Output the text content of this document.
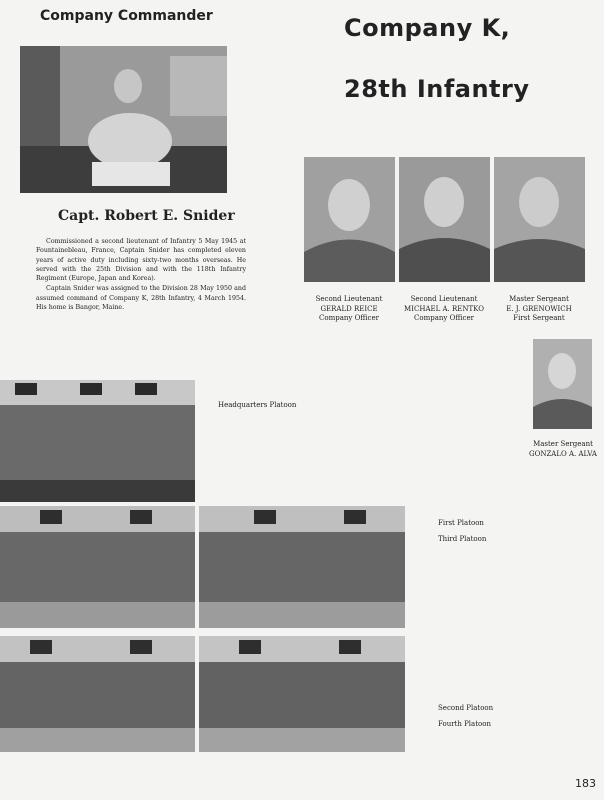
Company Commander	Company K,
28th Infantry
Capt. Robert E. Snider

Commissioned a second lieutenant of Infantry 5 May 1945 at Fountainebleau, France, Captain Snider has completed eleven years of active duty including sixty-two months overseas. He served with the 25th Division and with the 118th Infantry Regiment (Europe, Japan and Korea).

Captain Snider was assigned to the Division 28 May 1950 and assumed command of Company K, 28th Infantry, 4 March 1954. His home is Bangor, Maine.

Second Lieutenant
GERALD REICE
Company Officer
Second Lieutenant
MICHAEL A. RENTKO
Company Officer
Master Sergeant
E. J. GRENOWICH
First Sergeant
Master Sergeant
GONZALO A. ALVA
Headquarters Platoon
First Platoon
Third Platoon
Second Platoon
Fourth Platoon
183
